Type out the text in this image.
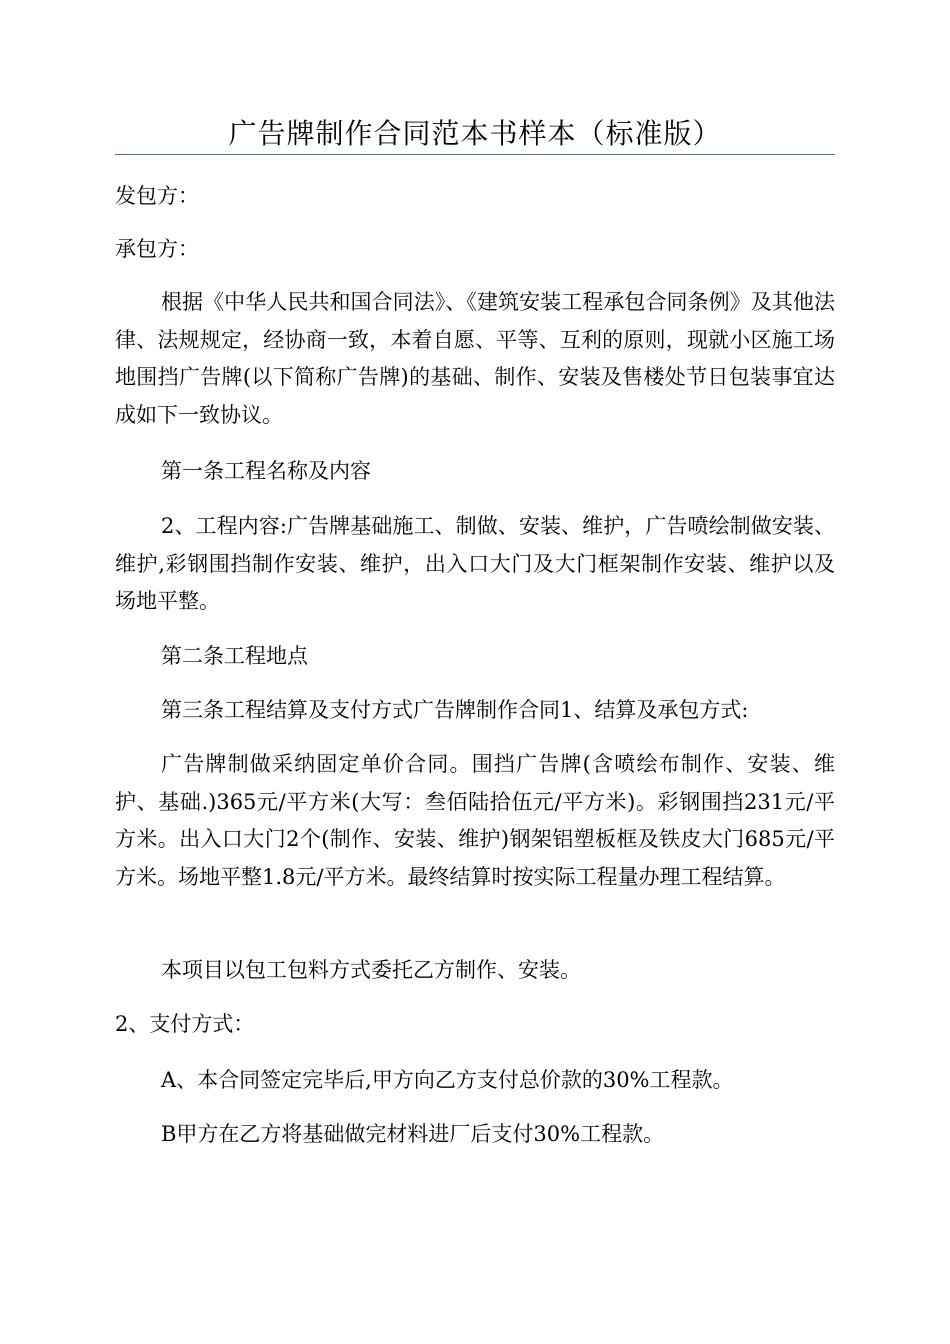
广告牌制作合同范本书样本（标准版）

发包方：

承包方：

根据《中华人民共和国合同法》、《建筑安装工程承包合同条例》及其他法律、法规规定，经协商一致，本着自愿、平等、互利的原则，现就小区施工场地围挡广告牌(以下简称广告牌)的基础、制作、安装及售楼处节日包装事宜达成如下一致协议。

第一条工程名称及内容

2、工程内容:广告牌基础施工、制做、安装、维护，广告喷绘制做安装、维护,彩钢围挡制作安装、维护，出入口大门及大门框架制作安装、维护以及场地平整。

第二条工程地点

第三条工程结算及支付方式广告牌制作合同1、结算及承包方式:

广告牌制做采纳固定单价合同。围挡广告牌(含喷绘布制作、安装、维护、基础.)365元/平方米(大写：叁佰陆拾伍元/平方米)。彩钢围挡231元/平方米。出入口大门2个(制作、安装、维护)钢架铝塑板框及铁皮大门685元/平方米。场地平整1.8元/平方米。最终结算时按实际工程量办理工程结算。

本项目以包工包料方式委托乙方制作、安装。

2、支付方式：

A、本合同签定完毕后,甲方向乙方支付总价款的30%工程款。

B甲方在乙方将基础做完材料进厂后支付30%工程款。
